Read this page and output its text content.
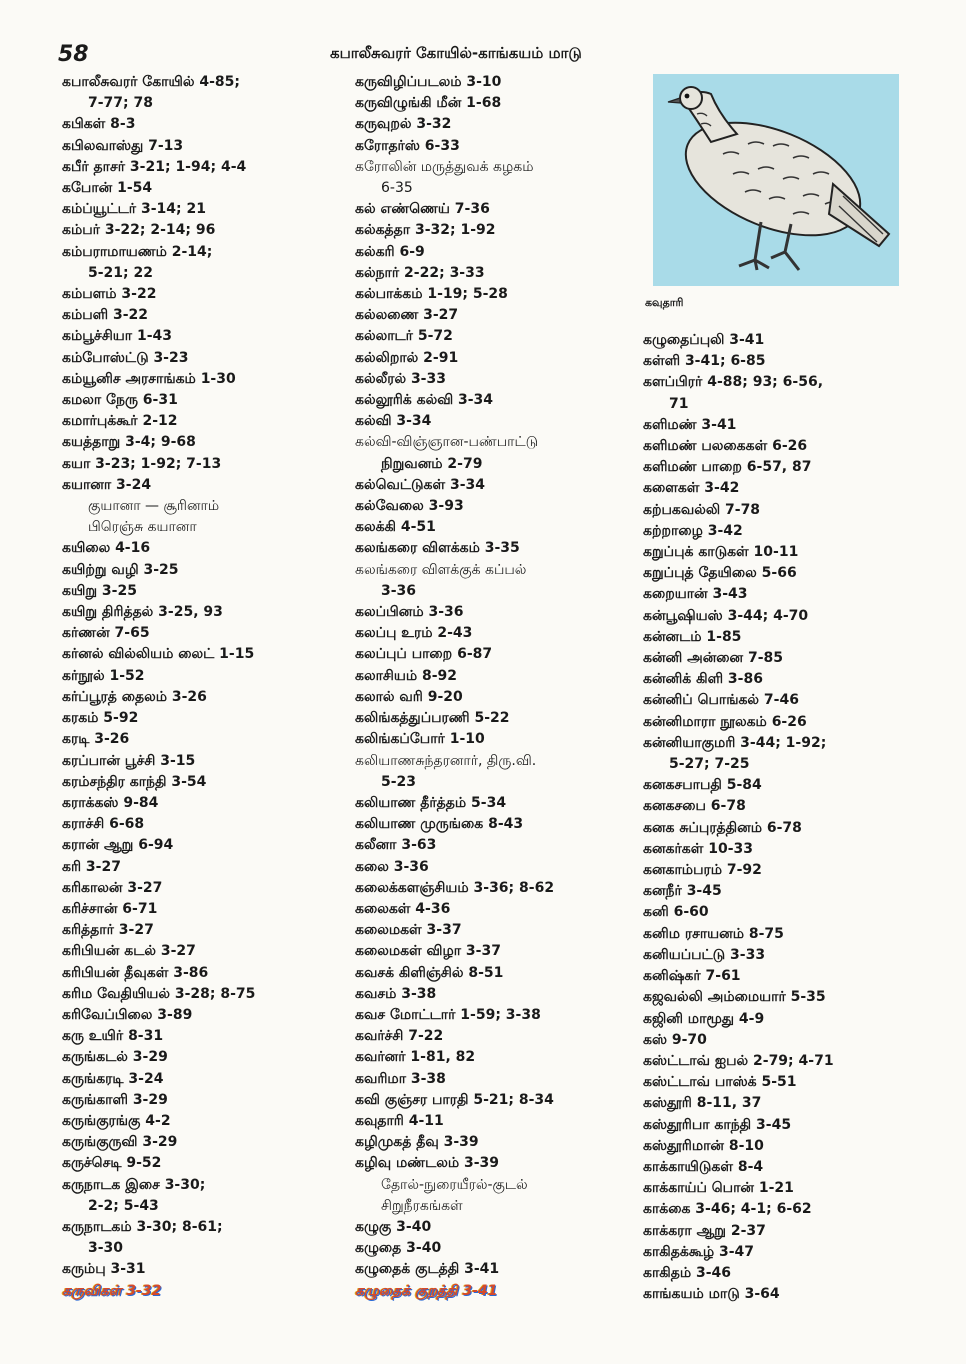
58	கபாலீசுவரர் கோயில்-காங்கயம் மாடு
கபாலீசுவரர் கோயில் 4-85;
7-77; 78
கபிகள் 8-3
கபிலவாஸ்து 7-13
கபீர் தாசர் 3-21; 1-94; 4-4
கபோன் 1-54
கம்ப்யூட்டர் 3-14; 21
கம்பர் 3-22; 2-14; 96
கம்பராமாயணம் 2-14;
5-21; 22
கம்பளம் 3-22
கம்பளி 3-22
கம்பூச்சியா 1-43
கம்போஸ்ட்டு 3-23
கம்யூனிச அரசாங்கம் 1-30
கமலா நேரு 6-31
கமார்புக்கூர் 2-12
கயத்தாறு 3-4; 9-68
கயா 3-23; 1-92; 7-13
கயானா 3-24
குயானா — சூரினாம்
பிரெஞ்சு கயானா
கயிலை 4-16
கயிற்று வழி 3-25
கயிறு 3-25
கயிறு திரித்தல் 3-25, 93
கர்ணன் 7-65
கர்னல் வில்லியம் லைட் 1-15
கர்நூல் 1-52
கர்ப்பூரத் தைலம் 3-26
கரகம் 5-92
கரடி 3-26
கரப்பான் பூச்சி 3-15
கரம்சந்திர காந்தி 3-54
கராக்கஸ் 9-84
கராச்சி 6-68
கரான் ஆறு 6-94
கரி 3-27
கரிகாலன் 3-27
கரிச்சான் 6-71
கரித்தார் 3-27
கரிபியன் கடல் 3-27
கரிபியன் தீவுகள் 3-86
கரிம வேதியியல் 3-28; 8-75
கரிவேப்பிலை 3-89
கரு உயிர் 8-31
கருங்கடல் 3-29
கருங்கரடி 3-24
கருங்காளி 3-29
கருங்குரங்கு 4-2
கருங்குருவி 3-29
கருச்செடி 9-52
கருநாடக இசை 3-30;
2-2; 5-43
கருநாடகம் 3-30; 8-61;
3-30
கரும்பு 3-31
கருவிகள் 3-32
கருவிழிப்படலம் 3-10
கருவிழுங்கி மீன் 1-68
கருவுறல் 3-32
கரோதர்ஸ் 6-33
கரோலின் மருத்துவக் கழகம்
6-35
கல் எண்ணெய் 7-36
கல்கத்தா 3-32; 1-92
கல்கரி 6-9
கல்நார் 2-22; 3-33
கல்பாக்கம் 1-19; 5-28
கல்லணை 3-27
கல்லாடர் 5-72
கல்லிறால் 2-91
கல்லீரல் 3-33
கல்லூரிக் கல்வி 3-34
கல்வி 3-34
கல்வி-விஞ்ஞான-பண்பாட்டு
நிறுவனம் 2-79
கல்வெட்டுகள் 3-34
கல்வேலை 3-93
கலக்கி 4-51
கலங்கரை விளக்கம் 3-35
கலங்கரை விளக்குக் கப்பல்
3-36
கலப்பினம் 3-36
கலப்பு உரம் 2-43
கலப்புப் பாறை 6-87
கலாசியம் 8-92
கலால் வரி 9-20
கலிங்கத்துப்பரணி 5-22
கலிங்கப்போர் 1-10
கலியாணசுந்தரனார், திரு.வி.
5-23
கலியாண தீர்த்தம் 5-34
கலியாண முருங்கை 8-43
கலீனா 3-63
கலை 3-36
கலைக்களஞ்சியம் 3-36; 8-62
கலைகள் 4-36
கலைமகள் 3-37
கலைமகள் விழா 3-37
கவசக் கிளிஞ்சில் 8-51
கவசம் 3-38
கவச மோட்டார் 1-59; 3-38
கவர்ச்சி 7-22
கவர்னர் 1-81, 82
கவரிமா 3-38
கவி குஞ்சர பாரதி 5-21; 8-34
கவுதாரி 4-11
கழிமுகத் தீவு 3-39
கழிவு மண்டலம் 3-39
தோல்-நுரையீரல்-குடல்
சிறுநீரகங்கள்
கழுகு 3-40
கழுதை 3-40
கழுதைக் குடத்தி 3-41
கழுதைக் குறத்தி 3-41
கவுதாரி
கழுதைப்புலி 3-41
கள்ளி 3-41; 6-85
களப்பிரர் 4-88; 93; 6-56,
71
களிமண் 3-41
களிமண் பலகைகள் 6-26
களிமண் பாறை 6-57, 87
களைகள் 3-42
கற்பகவல்லி 7-78
கற்றாழை 3-42
கறுப்புக் காடுகள் 10-11
கறுப்புத் தேயிலை 5-66
கறையான் 3-43
கன்பூஷியஸ் 3-44; 4-70
கன்னடம் 1-85
கன்னி அன்னை 7-85
கன்னிக் கிளி 3-86
கன்னிப் பொங்கல் 7-46
கன்னிமாரா நூலகம் 6-26
கன்னியாகுமரி 3-44; 1-92;
5-27; 7-25
கனகசபாபதி 5-84
கனகசபை 6-78
கனக சுப்புரத்தினம் 6-78
கனகர்கள் 10-33
கனகாம்பரம் 7-92
கனநீர் 3-45
கனி 6-60
கனிம ரசாயனம் 8-75
கனியப்பட்டு 3-33
கனிஷ்கர் 7-61
கஜவல்லி அம்மையார் 5-35
கஜினி மாமூது 4-9
கஸ் 9-70
கஸ்ட்டாவ் ஐபல் 2-79; 4-71
கஸ்ட்டாவ் பாஸ்க் 5-51
கஸ்தூரி 8-11, 37
கஸ்தூரிபா காந்தி 3-45
கஸ்தூரிமான் 8-10
காக்காயிடுகள் 8-4
காக்காய்ப் பொன் 1-21
காக்கை 3-46; 4-1; 6-62
காக்கரா ஆறு 2-37
காகிதக்கூழ் 3-47
காகிதம் 3-46
காங்கயம் மாடு 3-64
